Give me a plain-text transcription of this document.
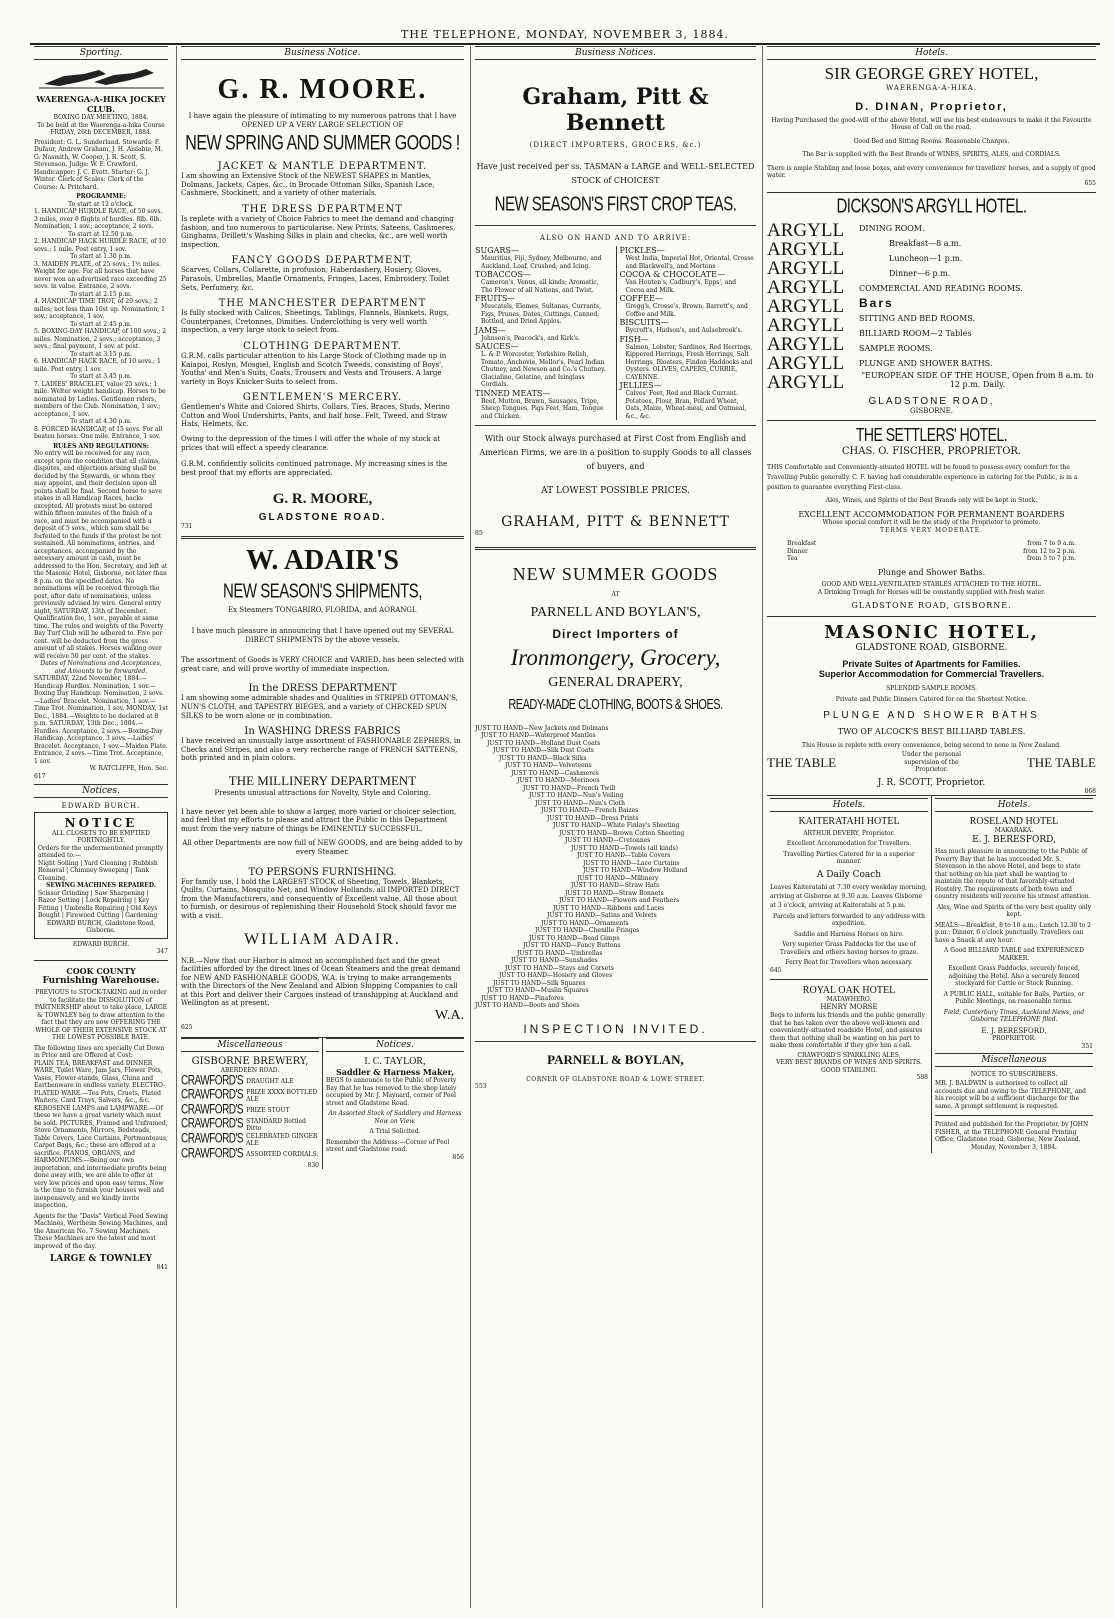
THE TELEPHONE, MONDAY, NOVEMBER 3, 1884.
Sporting.
WAERENGA-A-HIKA JOCKEY CLUB.
BOXING DAY MEETING, 1884.
To be held at the Waerenga-a-hika Course FRIDAY, 26th DECEMBER, 1884.
President: G. L. Sunderland. Stewards: F. Dufaur, Andrew Graham, J. H. Aislabie, M. G. Nasmith, W. Cooper, J. R. Scott, S. Stevenson. Judge: W. F. Crawford. Handicapper: J. C. Evett. Starter: G. J. Winter. Clerk of Scales: Clerk of the Course: A. Pritchard.
PROGRAMME:
To start at 12 o'clock.
1. HANDICAP HURDLE RACE, of 50 sovs. 3 miles, over 8 flights of hurdles. 8lb. 6lb. Nomination, 1 sov.; acceptance, 2 sovs.
To start at 12.50 p.m.
2. HANDICAP HACK HURDLE RACE, of 10 sovs.; 1 mile. Post entry, 1 sov.
To start at 1.30 p.m.
3. MAIDEN PLATE, of 25 sovs.; 1½ miles. Weight for age. For all horses that have never won an advertised race exceeding 25 sovs. in value. Entrance, 2 sovs.
To start at 2.15 p.m.
4. HANDICAP TIME TROT, of 20 sovs.; 2 miles; not less than 10st up. Nomination, 1 sov.; acceptance, 1 sov.
To start at 2.45 p.m.
5. BOXING-DAY HANDICAP, of 100 sovs.; 2 miles. Nomination, 2 sovs.; acceptance, 3 sovs.; final payment, 1 sov. at post.
To start at 3.15 p.m.
6. HANDICAP HACK RACE, of 10 sovs.; 1 mile. Post entry, 1 sov.
To start at 3.45 p.m.
7. LADIES' BRACELET, value 25 sovs.; 1 mile. Welter weight handicap. Horses to be nominated by Ladies. Gentlemen riders, members of the Club. Nomination, 1 sov.; acceptance, 1 sov.
To start at 4.30 p.m.
8. FORCED HANDICAP, of 15 sovs. For all beaten horses. One mile. Entrance, 1 sov.
RULES AND REGULATIONS:
No entry will be received for any race, except upon the condition that all claims, disputes, and objections arising shall be decided by the Stewards, or whom they may appoint, and their decision upon all points shall be final. Second horse to save stakes in all Handicap Races, hacks excepted. All protests must be entered within fifteen minutes of the finish of a race, and must be accompanied with a deposit of 5 sovs., which sum shall be forfeited to the funds if the protest be not sustained. All nominations, entries, and acceptances, accompanied by the necessary amount in cash, must be addressed to the Hon. Secretary, and left at the Masonic Hotel, Gisborne, not later than 8 p.m. on the specified dates. No nominations will be received through the post, after date of nominations, unless previously advised by wire. General entry night, SATURDAY, 13th of December. Qualification fee, 1 sov., payable at same time. The rules and weights of the Poverty Bay Turf Club will be adhered to. Five per cent. will be deducted from the gross amount of all stakes. Horses walking over will receive 50 per cent. of the stakes.
Dates of Nominations and Acceptances, and Amounts to be forwarded.
SATURDAY, 22nd November, 1884.—Handicap Hurdles. Nomination, 1 sov.—Boxing Day Handicap. Nomination, 2 sovs.—Ladies' Bracelet. Nomination, 1 sov.—Time Trot. Nomination, 1 sov. MONDAY, 1st Dec., 1884.—Weights to be declared at 8 p.m. SATURDAY, 13th Dec., 1884.—Hurdles. Acceptance, 2 sovs.—Boxing-Day Handicap. Acceptance, 3 sovs.—Ladies' Bracelet. Acceptance, 1 sov.—Maiden Plate. Entrance, 2 sovs.—Time Trot. Acceptance, 1 sov.
W. RATCLIFFE, Hon. Sec.
617
Notices.
EDWARD BURCH.
NOTICE
ALL CLOSETS TO BE EMPTIED FORTNIGHTLY.
Orders for the undermentioned promptly attended to:—
Night Soiling | Yard Cleaning | Rubbish Removal | Chimney Sweeping | Tank Cleaning.
SEWING MACHINES REPAIRED.
Scissor Grinding | Saw Sharpening | Razor Setting | Lock Repairing | Key Fitting | Umbrella Repairing | Old Keys Bought | Firewood Cutting | Gardening
EDWARD BURCH, Gladstone Road, Gisborne.
EDWARD BURCH.
347
COOK COUNTY
Furnishing Warehouse.
PREVIOUS to STOCK-TAKING and in order to facilitate the DISSOLUTION of PARTNERSHIP about to take place, LARGE & TOWNLEY beg to draw attention to the fact that they are now OFFERING THE WHOLE OF THEIR EXTENSIVE STOCK AT THE LOWEST POSSIBLE RATE.
The following lines are specially Cut Down in Price and are Offered at Cost:
PLAIN TEA, BREAKFAST and DINNER WARE, Toilet Ware, Jam Jars, Flower Pots, Vases, Flower-stands, Glass, China and Earthenware in endless variety. ELECTRO-PLATED WARE.—Tea Pots, Cruets, Plated Waiters, Card Trays, Salvers, &c., &c. KEROSENE LAMPS and LAMPWARE.—Of these we have a great variety which must be sold. PICTURES, Framed and Unframed, Stove Ornaments, Mirrors, Bedsteads, Table Covers, Lace Curtains, Portmanteaus, Carpet Bags, &c.; these are offered at a sacrifice. PIANOS, ORGANS, and HARMONIUMS.—Being our own importation, and intermediate profits being done away with, we are able to offer at very low prices and upon easy terms. Now is the time to furnish your houses well and inexpensively, and we kindly invite inspection.
Agents for the "Davis" Vertical Feed Sewing Machines, Wertheim Sewing Machines, and the American No. 7 Sewing Machines. These Machines are the latest and most improved of the day.
LARGE & TOWNLEY
841
Business Notice.
G. R. MOORE.
I have again the pleasure of intimating to my numerous patrons that I have OPENED UP A VERY LARGE SELECTION OF
NEW SPRING AND SUMMER GOODS !
JACKET & MANTLE DEPARTMENT.
I am showing an Extensive Stock of the NEWEST SHAPES in Mantles, Dolmans, Jackets, Capes, &c., in Brocade Ottoman Silks, Spanish Lace, Cashmere, Stockinett, and a variety of other materials.
THE DRESS DEPARTMENT
Is replete with a variety of Choice Fabrics to meet the demand and changing fashion, and too numerous to particularise. New Prints, Sateens, Cashmeres, Ginghams, Drillett's Washing Silks in plain and checks, &c., are well worth inspection.
FANCY GOODS DEPARTMENT.
Scarves, Collars, Collarette, in profusion; Haberdashery, Hosiery, Gloves, Parasols, Umbrellas, Mantle Ornaments, Fringes, Laces, Embroidery, Toilet Sets, Perfumery, &c.
THE MANCHESTER DEPARTMENT
Is fully stocked with Calicos, Sheetings, Tablings, Flannels, Blankets, Rugs, Counterpanes, Cretonnes, Dimities. Underclothing is very well worth inspection, a very large stock to select from.
CLOTHING DEPARTMENT.
G.R.M. calls particular attention to his Large Stock of Clothing made up in Kaiapoi, Roslyn, Mosgiel, English and Scotch Tweeds, consisting of Boys', Youths' and Men's Suits, Coats, Trousers and Vests and Trousers. A large variety in Boys Knicker Suits to select from.
GENTLEMEN'S MERCERY.
Gentlemen's White and Colored Shirts, Collars, Ties, Braces, Studs, Merino Cotton and Wool Undershirts, Pants, and half hose. Felt, Tweed, and Straw Hats, Helmets, &c.
Owing to the depression of the times I will offer the whole of my stock at prices that will effect a speedy clearance.
G.R.M. confidently solicits continued patronage. My increasing sines is the best proof that my efforts are appreciated.
G. R. MOORE,
GLADSTONE ROAD.
731
W. ADAIR'S
NEW SEASON'S SHIPMENTS,
Ex Steamers TONGARIRO, FLORIDA, and AORANGI.
I have much pleasure in announcing that I have opened out my SEVERAL DIRECT SHIPMENTS by the above vessels.
The assortment of Goods is VERY CHOICE and VARIED, has been selected with great care, and will prove worthy of immediate inspection.
In the DRESS DEPARTMENT
I am showing some admirable shades and Qualities in STRIPED OTTOMAN'S, NUN'S CLOTH, and TAPESTRY BIEGES, and a variety of CHECKED SPUN SILKS to be worn alone or in combination.
In WASHING DRESS FABRICS
I have received an unusually large assortment of FASHIONABLE ZEPHERS, in Checks and Stripes, and also a very recherche range of FRENCH SATTEENS, both printed and in plain colors.
THE MILLINERY DEPARTMENT
Presents unusual attractions for Novelty, Style and Coloring.
I have never yet been able to show a larger, more varied or choicer selection, and feel that my efforts to please and attract the Public in this Department must from the very nature of things be EMINENTLY SUCCESSFUL.
All other Departments are now full of NEW GOODS, and are being added to by every Steamer.
TO PERSONS FURNISHING.
For family use, I hold the LARGEST STOCK of Sheeting, Towels, Blankets, Quilts, Curtains, Mosquito Net, and Window Hollands, all IMPORTED DIRECT from the Manufacturers, and consequently of Excellent value. All those about to furnish, or desirous of replenishing their Household Stock should favor me with a visit.
WILLIAM ADAIR.
N.B.—Now that our Harbor is almost an accomplished fact and the great facilities afforded by the direct lines of Ocean Steamers and the great demand for NEW AND FASHIONABLE GOODS, W.A. is trying to make arrangements with the Directors of the New Zealand and Albion Shipping Companies to call at this Port and deliver their Cargoes instead of transhipping at Auckland and Wellington as at present.
W.A.
625
Miscellaneous
GISBORNE BREWERY,
ABERDEEN ROAD.
CRAWFORD'S DRAUGHT ALE
CRAWFORD'S PRIZE XXXX BOTTLED ALE
CRAWFORD'S PRIZE STOUT
CRAWFORD'S STANDARD Bottled Ditto
CRAWFORD'S CELEBRATED GINGER ALE
CRAWFORD'S ASSORTED CORDIALS.
830
Notices.
I. C. TAYLOR,
Saddler & Harness Maker,
BEGS to announce to the Public of Poverty Bay that he has removed to the shop lately occupied by Mr. J. Maynard, corner of Peel street and Gladstone Road.
An Assorted Stock of Saddlery and Harness Now on View.
A Trial Solicited.
Remember the Address:—Corner of Peel street and Gladstone road.
856
Business Notices.
Graham, Pitt & Bennett
(DIRECT IMPORTERS, GROCERS, &c.)
Have just received per ss. TASMAN a LARGE and WELL-SELECTED STOCK of CHOICEST
NEW SEASON'S FIRST CROP TEAS.
ALSO ON HAND AND TO ARRIVE:
SUGARS—
Mauritius, Fiji, Sydney, Melbourne, and Auckland. Loaf, Crushed, and Icing.
TOBACCOS—
Cameron's, Venus, all kinds; Aromatic, The Flower of all Nations, and Twist.
FRUITS—
Muscatels, Elemes, Sultanas, Currants, Figs, Prunes, Dates, Cuttings, Canned, Bottled, and Dried Apples.
JAMS—
Johnson's, Peacock's, and Kirk's.
SAUCES—
L. & P. Worcester, Yorkshire Relish, Tomato, Anchovie, Mellor's, Pearl Indian Chutney, and Newson and Co.'s Chutney. Glacialine, Gelatine, and Isinglass Cordials.
TINNED MEATS—
Beef, Mutton, Brawn, Sausages, Tripe, Sheep Tongues, Pigs Feet, Ham, Tongue and Chicken.
PICKLES—
West India, Imperial Hot, Oriental, Crosse and Blackwell's, and Mortons
COCOA & CHOCOLATE—
Van Houten's, Cadbury's, Epps', and Cocoa and Milk.
COFFEE—
Gregg's, Crosse's, Brown, Barrett's, and Coffee and Milk.
BISCUITS—
Bycroft's, Hudson's, and Aulsebrook's.
FISH—
Salmon, Lobster, Sardines, Red Herrings, Kippered Herrings, Fresh Herrings, Salt Herrings, Bloaters, Findon Haddocks and Oysters. OLIVES, CAPERS, CURRIE, CAYENNE.
JELLIES—
Calves' Feet, Red and Black Currant. Potatoes, Flour, Bran, Pollard Wheat, Oats, Maize, Wheat-meal, and Oatmeal, &c., &c.
With our Stock always purchased at First Cost from English and American Firms, we are in a position to supply Goods to all classes of buyers, and
AT LOWEST POSSIBLE PRICES.
GRAHAM, PITT & BENNETT
85
NEW SUMMER GOODS
AT
PARNELL AND BOYLAN'S,
Direct Importers of
Ironmongery, Grocery,
GENERAL DRAPERY,
READY-MADE CLOTHING, BOOTS & SHOES.
JUST TO HAND—New Jackets and Dolmans
JUST TO HAND—Waterproof Mantles
JUST TO HAND—Holland Dust Coats
JUST TO HAND—Silk Dust Coats
JUST TO HAND—Black Silks
JUST TO HAND—Velveteens
JUST TO HAND—Cashmeres
JUST TO HAND—Merinoes
JUST TO HAND—French Twill
JUST TO HAND—Nun's Veiling
JUST TO HAND—Nun's Cloth
JUST TO HAND—French Baizes
JUST TO HAND—Dress Prints
JUST TO HAND—White Finlay's Sheeting
JUST TO HAND—Brown Cotton Sheeting
JUST TO HAND—Cretonnes
JUST TO HAND—Towels (all kinds)
JUST TO HAND—Table Covers
JUST TO HAND—Lace Curtains
JUST TO HAND—Window Holland
JUST TO HAND—Millinery
JUST TO HAND—Straw Hats
JUST TO HAND—Straw Bonnets
JUST TO HAND—Flowers and Feathers
JUST TO HAND—Ribbons and Laces
JUST TO HAND—Satins and Velvets
JUST TO HAND—Ornaments
JUST TO HAND—Chenille Fringes
JUST TO HAND—Bead Gimps
JUST TO HAND—Fancy Buttons
JUST TO HAND—Umbrellas
JUST TO HAND—Sunshades
JUST TO HAND—Stays and Corsets
JUST TO HAND—Hosiery and Gloves
JUST TO HAND—Silk Squares
JUST TO HAND—Muslin Squares
JUST TO HAND—Pinafores
JUST TO HAND—Boots and Shoes
INSPECTION INVITED.
PARNELL & BOYLAN,
CORNER OF GLADSTONE ROAD & LOWE STREET.
553
Hotels.
SIR GEORGE GREY HOTEL,
WAERENGA-A-HIKA.
D. DINAN, Proprietor,
Having Purchased the good-will of the above Hotel, will use his best endeavours to make it the Favourite House of Call on the road.
Good Bed and Sitting Rooms. Reasonable Charges.
The Bar is supplied with the Best Brands of WINES, SPIRITS, ALES, and CORDIALS.
There is ample Stabling and loose boxes, and every convenience for travellers' horses, and a supply of good water.
655
DICKSON'S ARGYLL HOTEL.
ARGYLL
ARGYLL
ARGYLL
ARGYLL
ARGYLL
ARGYLL
ARGYLL
ARGYLL
ARGYLL
DINING ROOM.
Breakfast—8 a.m.
Luncheon—1 p.m.
Dinner—6 p.m.
COMMERCIAL AND READING ROOMS.
Bars
SITTING AND BED ROOMS.
BILLIARD ROOM—2 Tables
SAMPLE ROOMS.
PLUNGE AND SHOWER BATHS.
"EUROPEAN SIDE OF THE HOUSE, Open from 8 a.m. to 12 p.m. Daily.
GLADSTONE ROAD,
GISBORNE.
THE SETTLERS' HOTEL.
CHAS. O. FISCHER, PROPRIETOR.
THIS Comfortable and Conveniently-situated HOTEL will be found to possess every comfort for the Travelling Public generally. C. F. having had considerable experience in catering for the Public, is in a position to guarantee everything First-class.
Ales, Wines, and Spirits of the Best Brands only will be kept in Stock.
EXCELLENT ACCOMMODATION FOR PERMANENT BOARDERS
Whose special comfort it will be the study of the Proprietor to promote.
TERMS VERY MODERATE.
Breakfast	from 7 to 9 a.m.
Dinner	from 12 to 2 p.m.
Tea	from 5 to 7 p.m.
Plunge and Shower Baths.
GOOD AND WELL-VENTILATED STABLES ATTACHED TO THE HOTEL.
A Drinking Trough for Horses will be constantly supplied with fresh water.
GLADSTONE ROAD, GISBORNE.
MASONIC HOTEL,
GLADSTONE ROAD, GISBORNE.
Private Suites of Apartments for Families.
Superior Accommodation for Commercial Travellers.
SPLENDID SAMPLE ROOMS.
Private and Public Dinners Catered for on the Shortest Notice.
PLUNGE AND SHOWER BATHS
TWO OF ALCOCK'S BEST BILLIARD TABLES.
This House is replete with every convenience, being second to none in New Zealand.
THE TABLE	Under the personal supervision of the Proprietor.
THE TABLE
J. R. SCOTT, Proprietor.
868
Hotels.
KAITERATAHI HOTEL
ARTHUR DEVERY, Proprietor.
Excellent Accommodation for Travellers.
Travelling Parties Catered for in a superior manner.
A Daily Coach
Leaves Kaiteratahi at 7.30 every weekday morning, arriving at Gisborne at 9.30 a.m. Leaves Gisborne at 3 o'clock, arriving at Kaiteratahi at 5 p.m.
Parcels and letters forwarded to any address with expedition.
Saddle and Harness Horses on hire.
Very superior Grass Paddocks for the use of Travellers and others having horses to graze.
Ferry Boat for Travellers when necessary.
645
ROYAL OAK HOTEL
MATAWHERO.
HENRY MORSE
Begs to inform his friends and the public generally that he has taken over the above well-known and conveniently-situated roadside Hotel, and assures them that nothing shall be wanting on his part to make them comfortable if they give him a call.
CRAWFORD'S SPARKLING ALES,
VERY BEST BRANDS OF WINES AND SPIRITS.
GOOD STABLING.
588
Hotels.
ROSELAND HOTEL
MAKARAKA.
E. J. BERESFORD,
Has much pleasure in announcing to the Public of Poverty Bay that he has succeeded Mr. S. Stevenson in the above Hotel, and begs to state that nothing on his part shall be wanting to maintain the repute of that favorably-situated Hostelry. The requirements of both town and country residents will receive his utmost attention.
Ales, Wine and Spirits of the very best quality only kept.
MEALS:—Breakfast, 8 to 10 a.m.; Lunch 12.30 to 2 p.m.; Dinner, 6 o'clock punctually. Travellers can have a Snack at any hour.
A Good BILLIARD TABLE and EXPERIENCED MARKER.
Excellent Grass Paddocks, securely fenced, adjoining the Hotel. Also a securely fenced stockyard for Cattle or Stock Running.
A PUBLIC HALL, suitable for Balls, Parties, or Public Meetings, on reasonable terms.
Field, Canterbury Times, Auckland News, and Gisborne TELEPHONE filed.
E. J. BERESFORD,
PROPRIETOR.
351
Miscellaneous
NOTICE TO SUBSCRIBERS.
MR. J. BALDWIN is authorised to collect all accounts due and owing to the TELEPHONE, and his receipt will be a sufficient discharge for the same. A prompt settlement is requested.
Printed and published for the Proprietor, by JOHN FISHER, at the TELEPHONE General Printing Office, Gladstone road, Gisborne, New Zealand.
Monday, November 3, 1884.
